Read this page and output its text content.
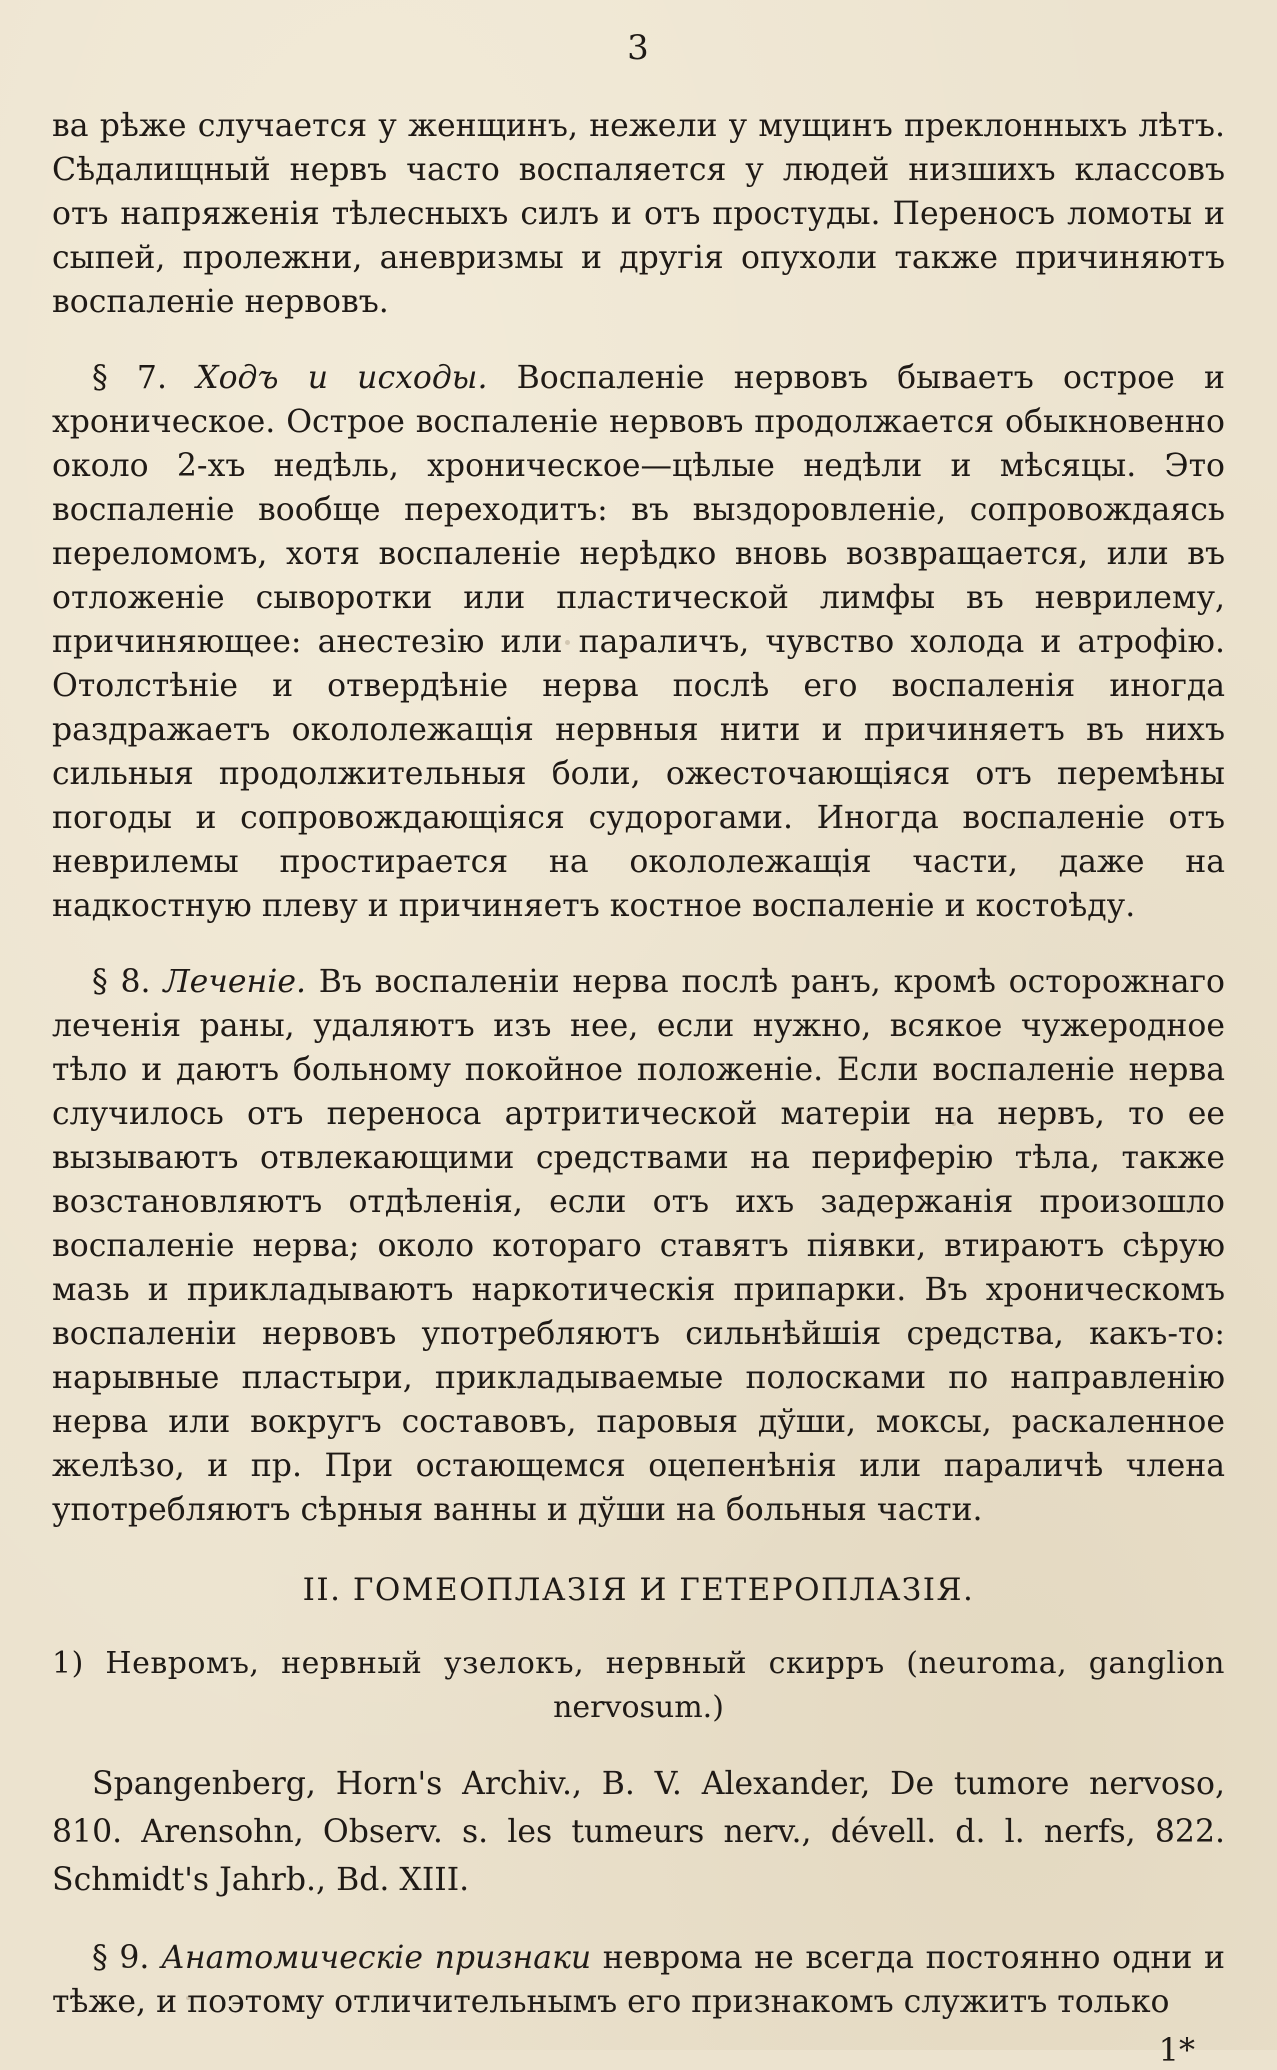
3

ва рѣже случается у женщинъ, нежели у мущинъ преклонныхъ лѣтъ. Сѣдалищный нервъ часто воспаляется у людей низшихъ классовъ отъ напряженія тѣлесныхъ силъ и отъ простуды. Переносъ ломоты и сыпей, пролежни, аневризмы и другія опухоли также причиняютъ воспаленіе нервовъ.

§ 7. Ходъ и исходы. Воспаленіе нервовъ бываетъ острое и хроническое. Острое воспаленіе нервовъ продолжается обыкновенно около 2-хъ недѣль, хроническое—цѣлые недѣли и мѣсяцы. Это воспаленіе вообще переходитъ: въ выздоровленіе, сопровождаясь переломомъ, хотя воспаленіе нерѣдко вновь возвращается, или въ отложеніе сыворотки или пластической лимфы въ неврилему, причиняющее: анестезію или параличъ, чувство холода и атрофію. Отолстѣніе и отвердѣніе нерва послѣ его воспаленія иногда раздражаетъ окололежащія нервныя нити и причиняетъ въ нихъ сильныя продолжительныя боли, ожесточающіяся отъ перемѣны погоды и сопровождающіяся судорогами. Иногда воспаленіе отъ неврилемы простирается на окололежащія части, даже на надкостную плеву и причиняетъ костное воспаленіе и костоѣду.

§ 8. Леченіе. Въ воспаленіи нерва послѣ ранъ, кромѣ осторожнаго леченія раны, удаляютъ изъ нее, если нужно, всякое чужеродное тѣло и даютъ больному покойное положеніе. Если воспаленіе нерва случилось отъ переноса артритической матеріи на нервъ, то ее вызываютъ отвлекающими средствами на периферію тѣла, также возстановляютъ отдѣленія, если отъ ихъ задержанія произошло воспаленіе нерва; около котораго ставятъ піявки, втираютъ сѣрую мазь и прикладываютъ наркотическія припарки. Въ хроническомъ воспаленіи нервовъ употребляютъ сильнѣйшія средства, какъ-то: нарывные пластыри, прикладываемые полосками по направленію нерва или вокругъ составовъ, паровыя дўши, моксы, раскаленное желѣзо, и пр. При остающемся оцепенѣнія или параличѣ члена употребляютъ сѣрныя ванны и дўши на больныя части.

II. ГОМЕОПЛАЗІЯ И ГЕТЕРОПЛАЗІЯ.
1) Невромъ, нервный узелокъ, нервный скирръ (neuroma, ganglion
nervosum.)

Spangenberg, Horn's Archiv., B. V. Alexander, De tumore nervoso, 810. Arensohn, Observ. s. les tumeurs nerv., dévell. d. l. nerfs, 822. Schmidt's Jahrb., Bd. XIII.

§ 9. Анатомическіе признаки неврома не всегда постоянно одни и тѣже, и поэтому отличительнымъ его признакомъ служитъ только

1*
